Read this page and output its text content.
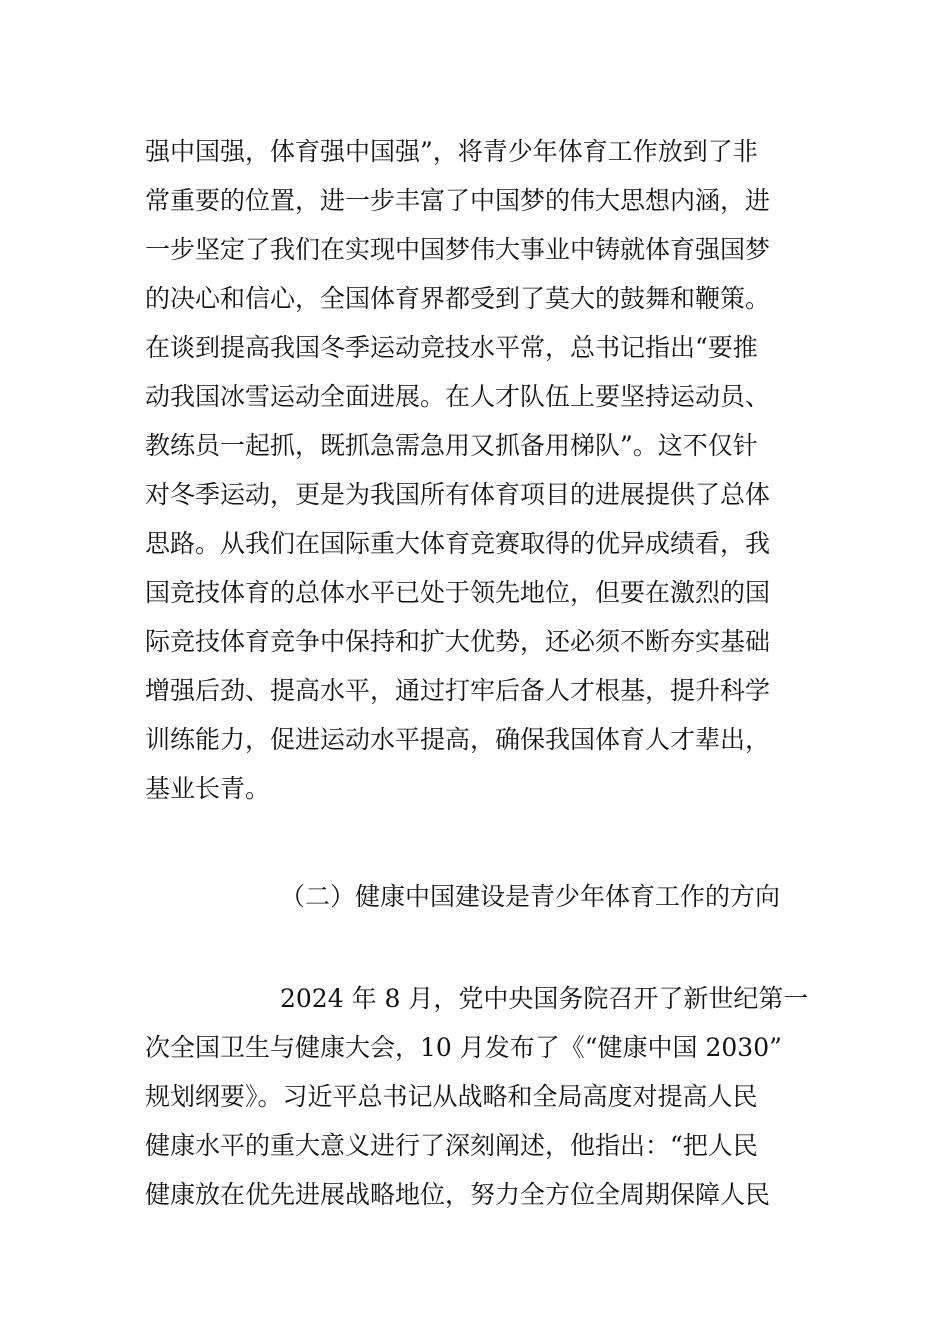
强中国强，体育强中国强”，将青少年体育工作放到了非
常重要的位置，进一步丰富了中国梦的伟大思想内涵，进
一步坚定了我们在实现中国梦伟大事业中铸就体育强国梦
的决心和信心，全国体育界都受到了莫大的鼓舞和鞭策。
在谈到提高我国冬季运动竞技水平常，总书记指出“要推
动我国冰雪运动全面进展。在人才队伍上要坚持运动员、
教练员一起抓，既抓急需急用又抓备用梯队”。这不仅针
对冬季运动，更是为我国所有体育项目的进展提供了总体
思路。从我们在国际重大体育竞赛取得的优异成绩看，我
国竞技体育的总体水平已处于领先地位，但要在激烈的国
际竞技体育竞争中保持和扩大优势，还必须不断夯实基础
增强后劲、提高水平，通过打牢后备人才根基，提升科学
训练能力，促进运动水平提高，确保我国体育人才辈出，
基业长青。
（二）健康中国建设是青少年体育工作的方向
2024 年 8 月，党中央国务院召开了新世纪第一
次全国卫生与健康大会，10 月发布了《“健康中国 2030”
规划纲要》。习近平总书记从战略和全局高度对提高人民
健康水平的重大意义进行了深刻阐述，他指出：“把人民
健康放在优先进展战略地位，努力全方位全周期保障人民
